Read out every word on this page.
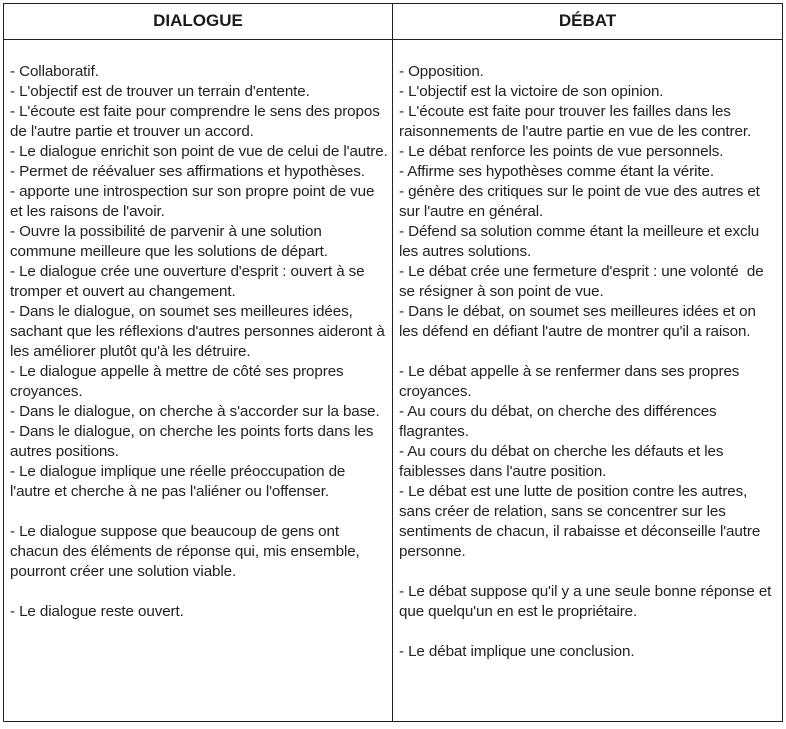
DIALOGUE

- Collaboratif.

- L'objectif est de trouver un terrain d'entente.

- L'écoute est faite pour comprendre le sens des propos de l'autre partie et trouver un accord.

- Le dialogue enrichit son point de vue de celui de l'autre.

- Permet de réévaluer ses affirmations et hypothèses.

- apporte une introspection sur son propre point de vue et les raisons de l'avoir.

- Ouvre la possibilité de parvenir à une solution commune meilleure que les solutions de départ.

- Le dialogue crée une ouverture d'esprit : ouvert à se tromper et ouvert au changement.

- Dans le dialogue, on soumet ses meilleures idées, sachant que les réflexions d'autres personnes aideront à les améliorer plutôt qu'à les détruire.

- Le dialogue appelle à mettre de côté ses propres croyances.

- Dans le dialogue, on cherche à s'accorder sur la base.

- Dans le dialogue, on cherche les points forts dans les autres positions.

- Le dialogue implique une réelle préoccupation de l'autre et cherche à ne pas l'aliéner ou l'offenser.

- Le dialogue suppose que beaucoup de gens ont chacun des éléments de réponse qui, mis ensemble, pourront créer une solution viable.

- Le dialogue reste ouvert.

DÉBAT

- Opposition.

- L'objectif est la victoire de son opinion.

- L'écoute est faite pour trouver les failles dans les raisonnements de l'autre partie en vue de les contrer.

- Le débat renforce les points de vue personnels.

- Affirme ses hypothèses comme étant la vérite.

- génère des critiques sur le point de vue des autres et sur l'autre en général.

- Défend sa solution comme étant la meilleure et exclu les autres solutions.

- Le débat crée une fermeture d'esprit : une volonté  de se résigner à son point de vue.

- Dans le débat, on soumet ses meilleures idées et on les défend en défiant l'autre de montrer qu'il a raison.

- Le débat appelle à se renfermer dans ses propres croyances.

- Au cours du débat, on cherche des différences flagrantes.

- Au cours du débat on cherche les défauts et les faiblesses dans l'autre position.

- Le débat est une lutte de position contre les autres, sans créer de relation, sans se concentrer sur les sentiments de chacun, il rabaisse et déconseille l'autre personne.

- Le débat suppose qu'il y a une seule bonne réponse et que quelqu'un en est le propriétaire.

- Le débat implique une conclusion.
